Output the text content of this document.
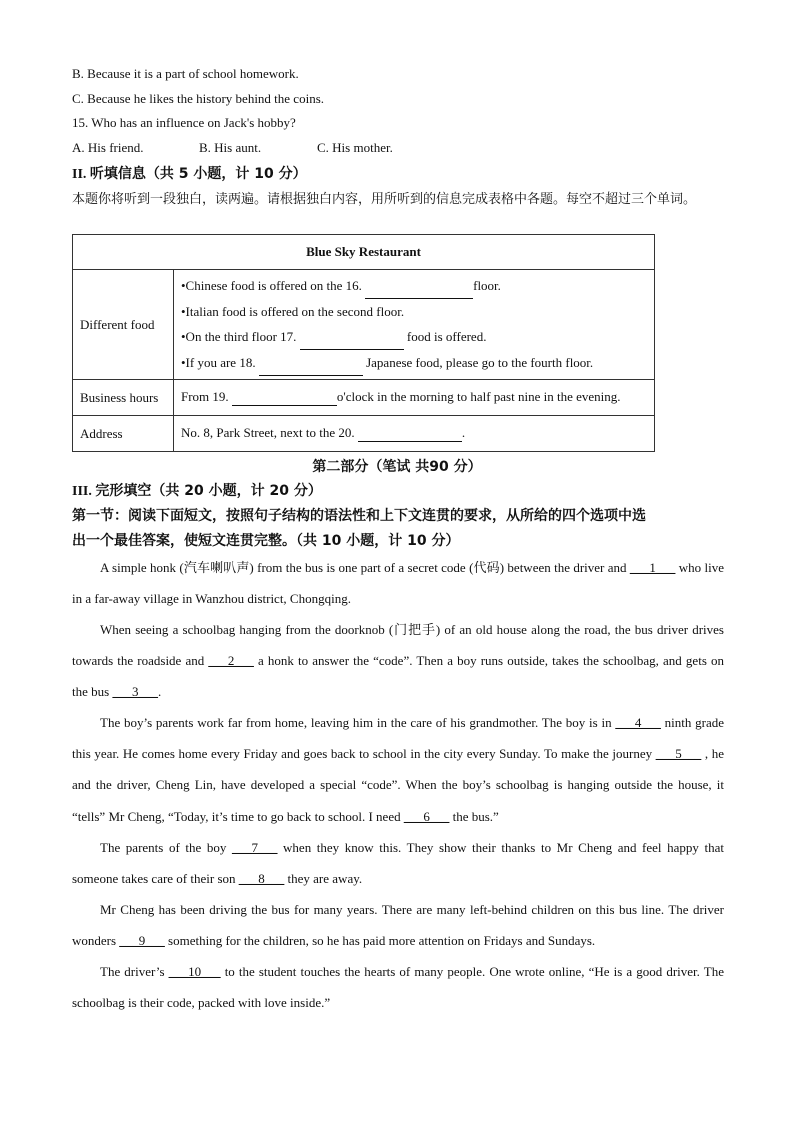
B. Because it is a part of school homework.
C. Because he likes the history behind the coins.
15. Who has an influence on Jack's hobby?
A. His friend.	B. His aunt.	C. His mother.
II. 听填信息（共 5 小题，计 10 分）
本题你将听到一段独白，读两遍。请根据独白内容，用所听到的信息完成表格中各题。每空不超过三个单词。
Blue Sky Restaurant	
Different food	•Chinese food is offered on the 16. floor.
•Italian food is offered on the second floor.
•On the third floor 17. food is offered.
•If you are 18. Japanese food, please go to the fourth floor.

Business hours	From 19. o'clock in the morning to half past nine in the evening.
Address	No. 8, Park Street, next to the 20. .
第二部分（笔试 共90 分）
III. 完形填空（共 20 小题，计 20 分）
第一节：阅读下面短文，按照句子结构的语法性和上下文连贯的要求，从所给的四个选项中选
出一个最佳答案，使短文连贯完整。（共 10 小题，计 10 分）
A simple honk (汽车喇叭声) from the bus is one part of a secret code (代码) between the driver and ___1___ who live in a far-away village in Wanzhou district, Chongqing.
When seeing a schoolbag hanging from the doorknob (门把手) of an old house along the road, the bus driver drives towards the roadside and ___2___ a honk to answer the “code”. Then a boy runs outside, takes the schoolbag, and gets on the bus ___3___.
The boy’s parents work far from home, leaving him in the care of his grandmother. The boy is in ___4___ ninth grade this year. He comes home every Friday and goes back to school in the city every Sunday. To make the journey ___5___ , he and the driver, Cheng Lin, have developed a special “code”. When the boy’s schoolbag is hanging outside the house, it “tells” Mr Cheng, “Today, it’s time to go back to school. I need ___6___ the bus.”
The parents of the boy ___7___ when they know this. They show their thanks to Mr Cheng and feel happy that someone takes care of their son ___8___ they are away.
Mr Cheng has been driving the bus for many years. There are many left-behind children on this bus line. The driver wonders ___9___ something for the children, so he has paid more attention on Fridays and Sundays.
The driver’s ___10___ to the student touches the hearts of many people. One wrote online, “He is a good driver. The schoolbag is their code, packed with love inside.”
